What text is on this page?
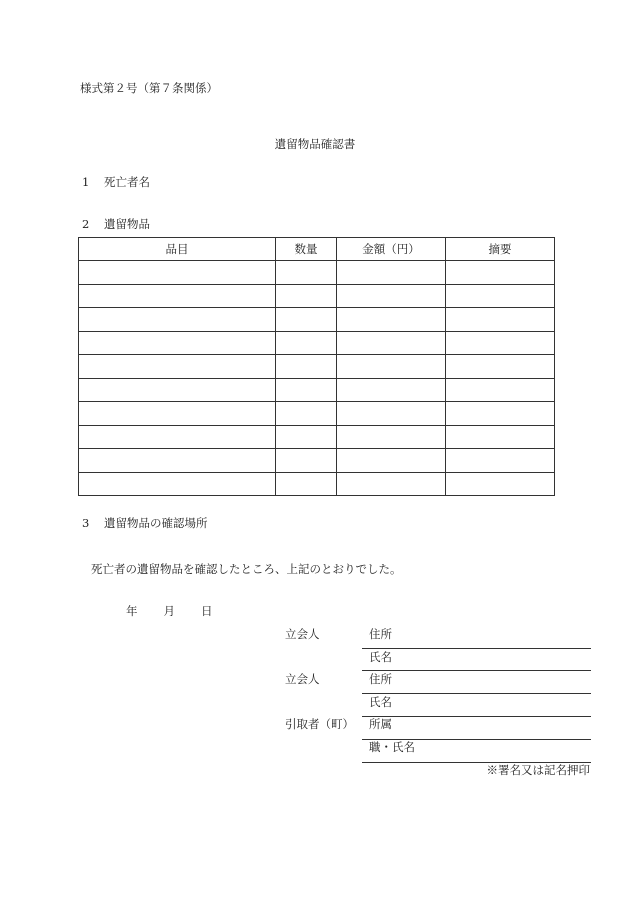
様式第２号（第７条関係）
遺留物品確認書
1 死亡者名
2 遺留物品
品目	数量	金額（円）	摘要

3 遺留物品の確認場所
死亡者の遺留物品を確認したところ、上記のとおりでした。
年 月 日
立会人	住所
氏名
立会人	住所
氏名
引取者（町） 所属
職・氏名
※署名又は記名押印
